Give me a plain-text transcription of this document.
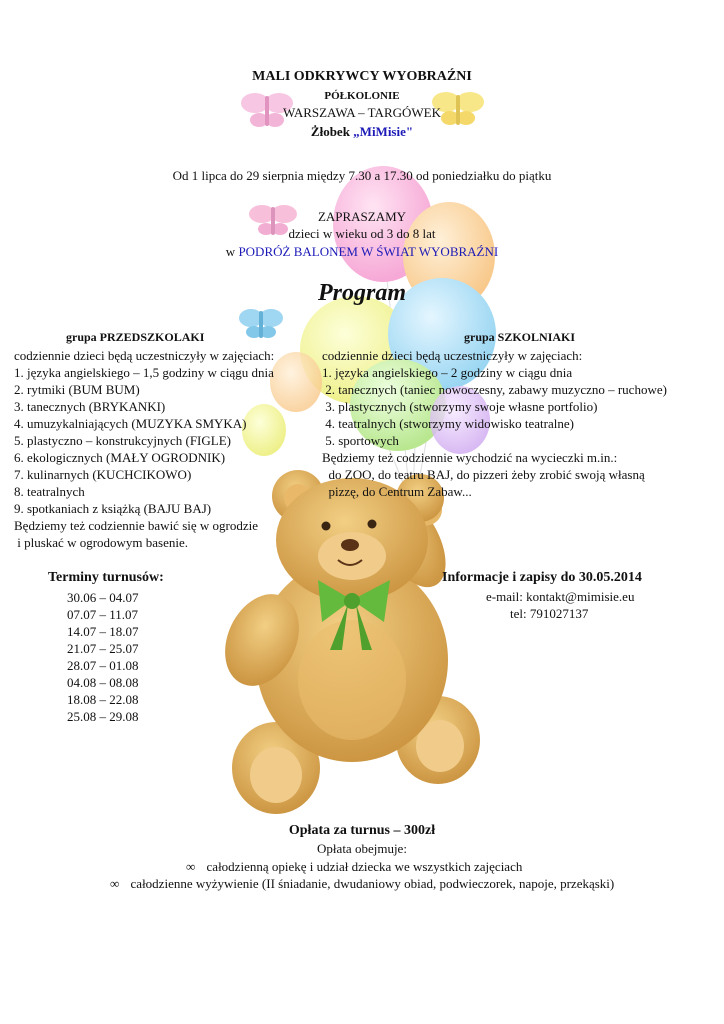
MALI ODKRYWCY WYOBRAŹNI
PÓŁKOLONIE
WARSZAWA – TARGÓWEK
Żłobek „MiMisie"
Od 1 lipca do 29 sierpnia między 7.30 a 17.30 od poniedziałku do piątku
ZAPRASZAMY
dzieci w wieku od 3 do 8 lat
w PODRÓŻ BALONEM W ŚWIAT WYOBRAŹNI
Program
grupa PRZEDSZKOLAKI
codziennie dzieci będą uczestniczyły w zajęciach:
1. języka angielskiego – 1,5 godziny w ciągu dnia
2. rytmiki (BUM BUM)
3. tanecznych (BRYKANKI)
4. umuzykalniających (MUZYKA SMYKA)
5. plastyczno – konstrukcyjnych (FIGLE)
6. ekologicznych (MAŁY OGRODNIK)
7. kulinarnych (KUCHCIKOWO)
8. teatralnych
9. spotkaniach z książką (BAJU BAJ)
Będziemy też codziennie bawić się w ogrodzie
i pluskać w ogrodowym basenie.
grupa SZKOLNIAKI
codziennie dzieci będą uczestniczyły w zajęciach:
1. języka angielskiego – 2 godziny w ciągu dnia
2. tanecznych (taniec nowoczesny, zabawy muzyczno – ruchowe)
3. plastycznych (stworzymy swoje własne portfolio)
4. teatralnych (stworzymy widowisko teatralne)
5. sportowych
Będziemy też codziennie wychodzić na wycieczki m.in.:
do ZOO, do teatru BAJ, do pizzeri żeby zrobić swoją własną
pizzę, do Centrum Zabaw...
Terminy turnusów:
30.06 – 04.07
07.07 – 11.07
14.07 – 18.07
21.07 – 25.07
28.07 – 01.08
04.08 – 08.08
18.08 – 22.08
25.08 – 29.08
Informacje i zapisy do 30.05.2014
e-mail: kontakt@mimisie.eu
tel: 791027137
Opłata za turnus – 300zł
Opłata obejmuje:
∞ całodzienną opiekę i udział dziecka we wszystkich zajęciach
∞ całodzienne wyżywienie (II śniadanie, dwudaniowy obiad, podwieczorek, napoje, przekąski)
